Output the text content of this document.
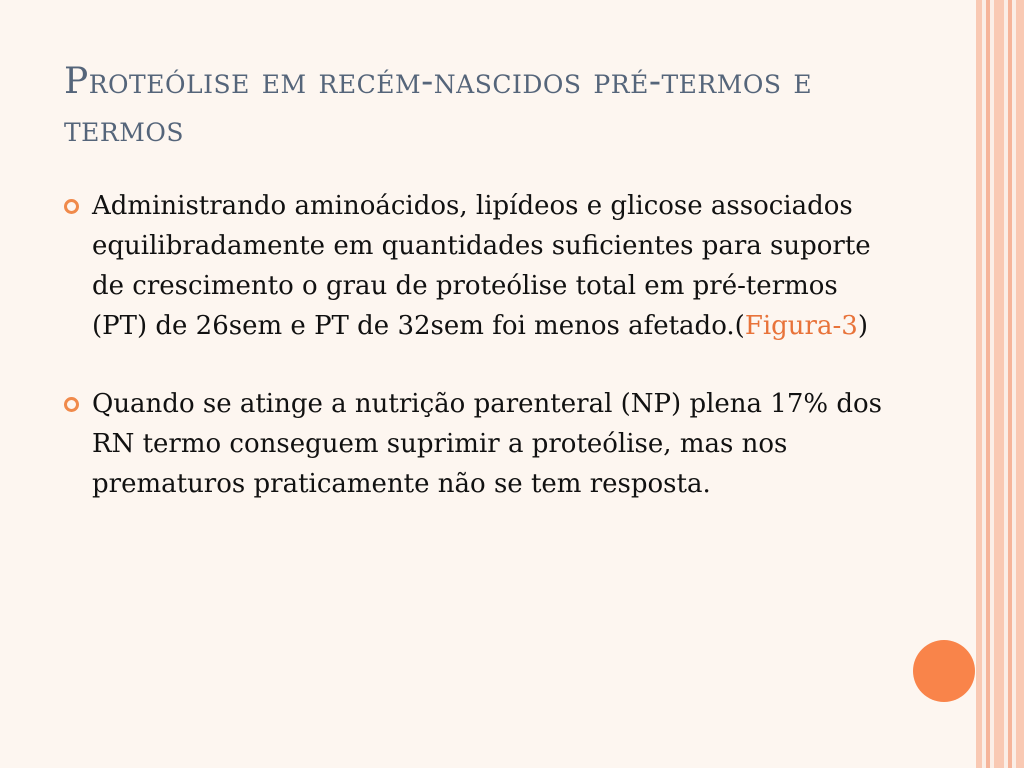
Proteólise em recém-nascidos pré-termos e termos
Administrando aminoácidos, lipídeos e glicose associados equilibradamente em quantidades suficientes para suporte de crescimento o grau de proteólise total em pré-termos (PT) de 26sem e PT de 32sem foi menos afetado.(Figura-3)
Quando se atinge a nutrição parenteral (NP) plena 17% dos RN termo conseguem suprimir a proteólise, mas nos prematuros praticamente não se tem resposta.
